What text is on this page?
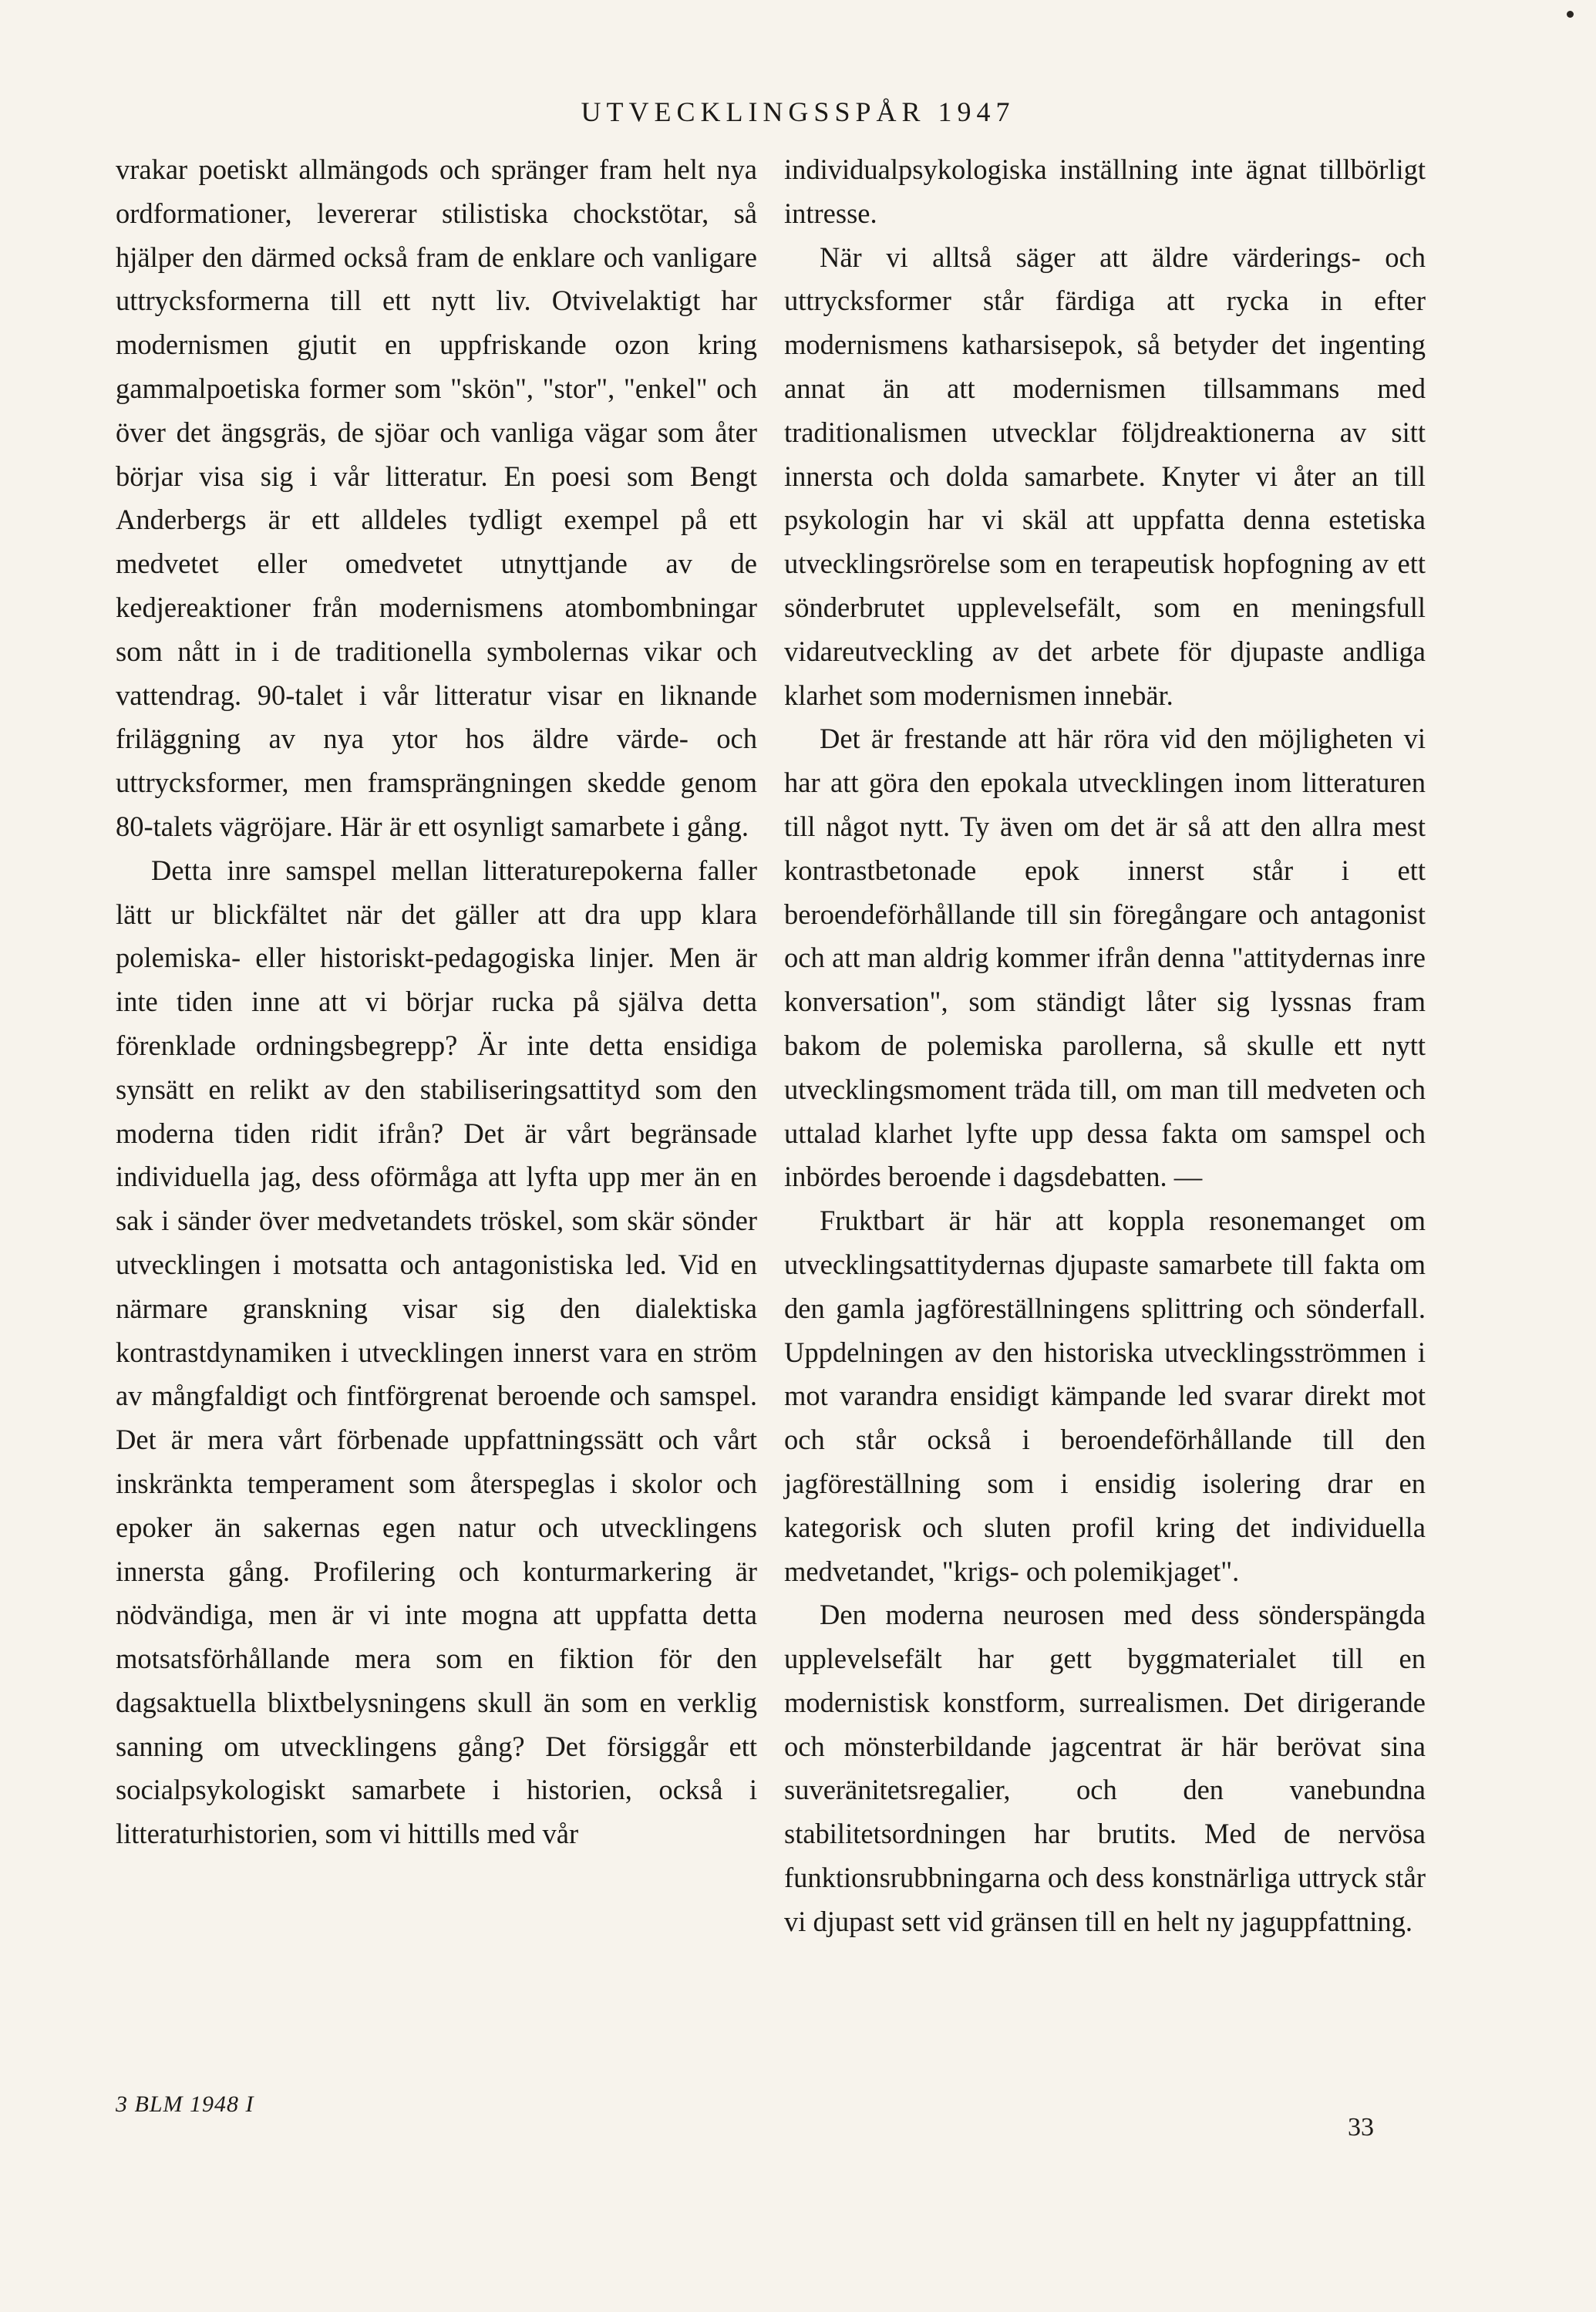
UTVECKLINGSSPÅR 1947

vrakar poetiskt allmängods och spränger fram helt nya ordformationer, levererar stilistiska chockstötar, så hjälper den därmed också fram de enklare och vanligare uttrycksformerna till ett nytt liv. Otvivelaktigt har modernismen gjutit en uppfriskande ozon kring gammalpoetiska former som "skön", "stor", "enkel" och över det ängsgräs, de sjöar och vanliga vägar som åter börjar visa sig i vår litteratur. En poesi som Bengt Anderbergs är ett alldeles tydligt exempel på ett medvetet eller omedvetet utnyttjande av de kedjereaktioner från modernismens atombombningar som nått in i de traditionella symbolernas vikar och vattendrag. 90-talet i vår litteratur visar en liknande friläggning av nya ytor hos äldre värde- och uttrycksformer, men framsprängningen skedde genom 80-talets vägröjare. Här är ett osynligt samarbete i gång.

Detta inre samspel mellan litteraturepokerna faller lätt ur blickfältet när det gäller att dra upp klara polemiska- eller historiskt-pedagogiska linjer. Men är inte tiden inne att vi börjar rucka på själva detta förenklade ordningsbegrepp? Är inte detta ensidiga synsätt en relikt av den stabiliseringsattityd som den moderna tiden ridit ifrån? Det är vårt begränsade individuella jag, dess oförmåga att lyfta upp mer än en sak i sänder över medvetandets tröskel, som skär sönder utvecklingen i motsatta och antagonistiska led. Vid en närmare granskning visar sig den dialektiska kontrastdynamiken i utvecklingen innerst vara en ström av mångfaldigt och fintförgrenat beroende och samspel. Det är mera vårt förbenade uppfattningssätt och vårt inskränkta temperament som återspeglas i skolor och epoker än sakernas egen natur och utvecklingens innersta gång. Profilering och konturmarkering är nödvändiga, men är vi inte mogna att uppfatta detta motsatsförhållande mera som en fiktion för den dagsaktuella blixtbelysningens skull än som en verklig sanning om utvecklingens gång? Det försiggår ett socialpsykologiskt samarbete i historien, också i litteraturhistorien, som vi hittills med vår

individualpsykologiska inställning inte ägnat tillbörligt intresse.

När vi alltså säger att äldre värderings- och uttrycksformer står färdiga att rycka in efter modernismens katharsisepok, så betyder det ingenting annat än att modernismen tillsammans med traditionalismen utvecklar följdreaktionerna av sitt innersta och dolda samarbete. Knyter vi åter an till psykologin har vi skäl att uppfatta denna estetiska utvecklingsrörelse som en terapeutisk hopfogning av ett sönderbrutet upplevelsefält, som en meningsfull vidareutveckling av det arbete för djupaste andliga klarhet som modernismen innebär.

Det är frestande att här röra vid den möjligheten vi har att göra den epokala utvecklingen inom litteraturen till något nytt. Ty även om det är så att den allra mest kontrastbetonade epok innerst står i ett beroendeförhållande till sin föregångare och antagonist och att man aldrig kommer ifrån denna "attitydernas inre konversation", som ständigt låter sig lyssnas fram bakom de polemiska parollerna, så skulle ett nytt utvecklingsmoment träda till, om man till medveten och uttalad klarhet lyfte upp dessa fakta om samspel och inbördes beroende i dagsdebatten. —

Fruktbart är här att koppla resonemanget om utvecklingsattitydernas djupaste samarbete till fakta om den gamla jagföreställningens splittring och sönderfall. Uppdelningen av den historiska utvecklingsströmmen i mot varandra ensidigt kämpande led svarar direkt mot och står också i beroendeförhållande till den jagföreställning som i ensidig isolering drar en kategorisk och sluten profil kring det individuella medvetandet, "krigs- och polemikjaget".

Den moderna neurosen med dess sönderspängda upplevelsefält har gett byggmaterialet till en modernistisk konstform, surrealismen. Det dirigerande och mönsterbildande jagcentrat är här berövat sina suveränitetsregalier, och den vanebundna stabilitetsordningen har brutits. Med de nervösa funktionsrubbningarna och dess konstnärliga uttryck står vi djupast sett vid gränsen till en helt ny jaguppfattning.

3 BLM 1948 I
33
